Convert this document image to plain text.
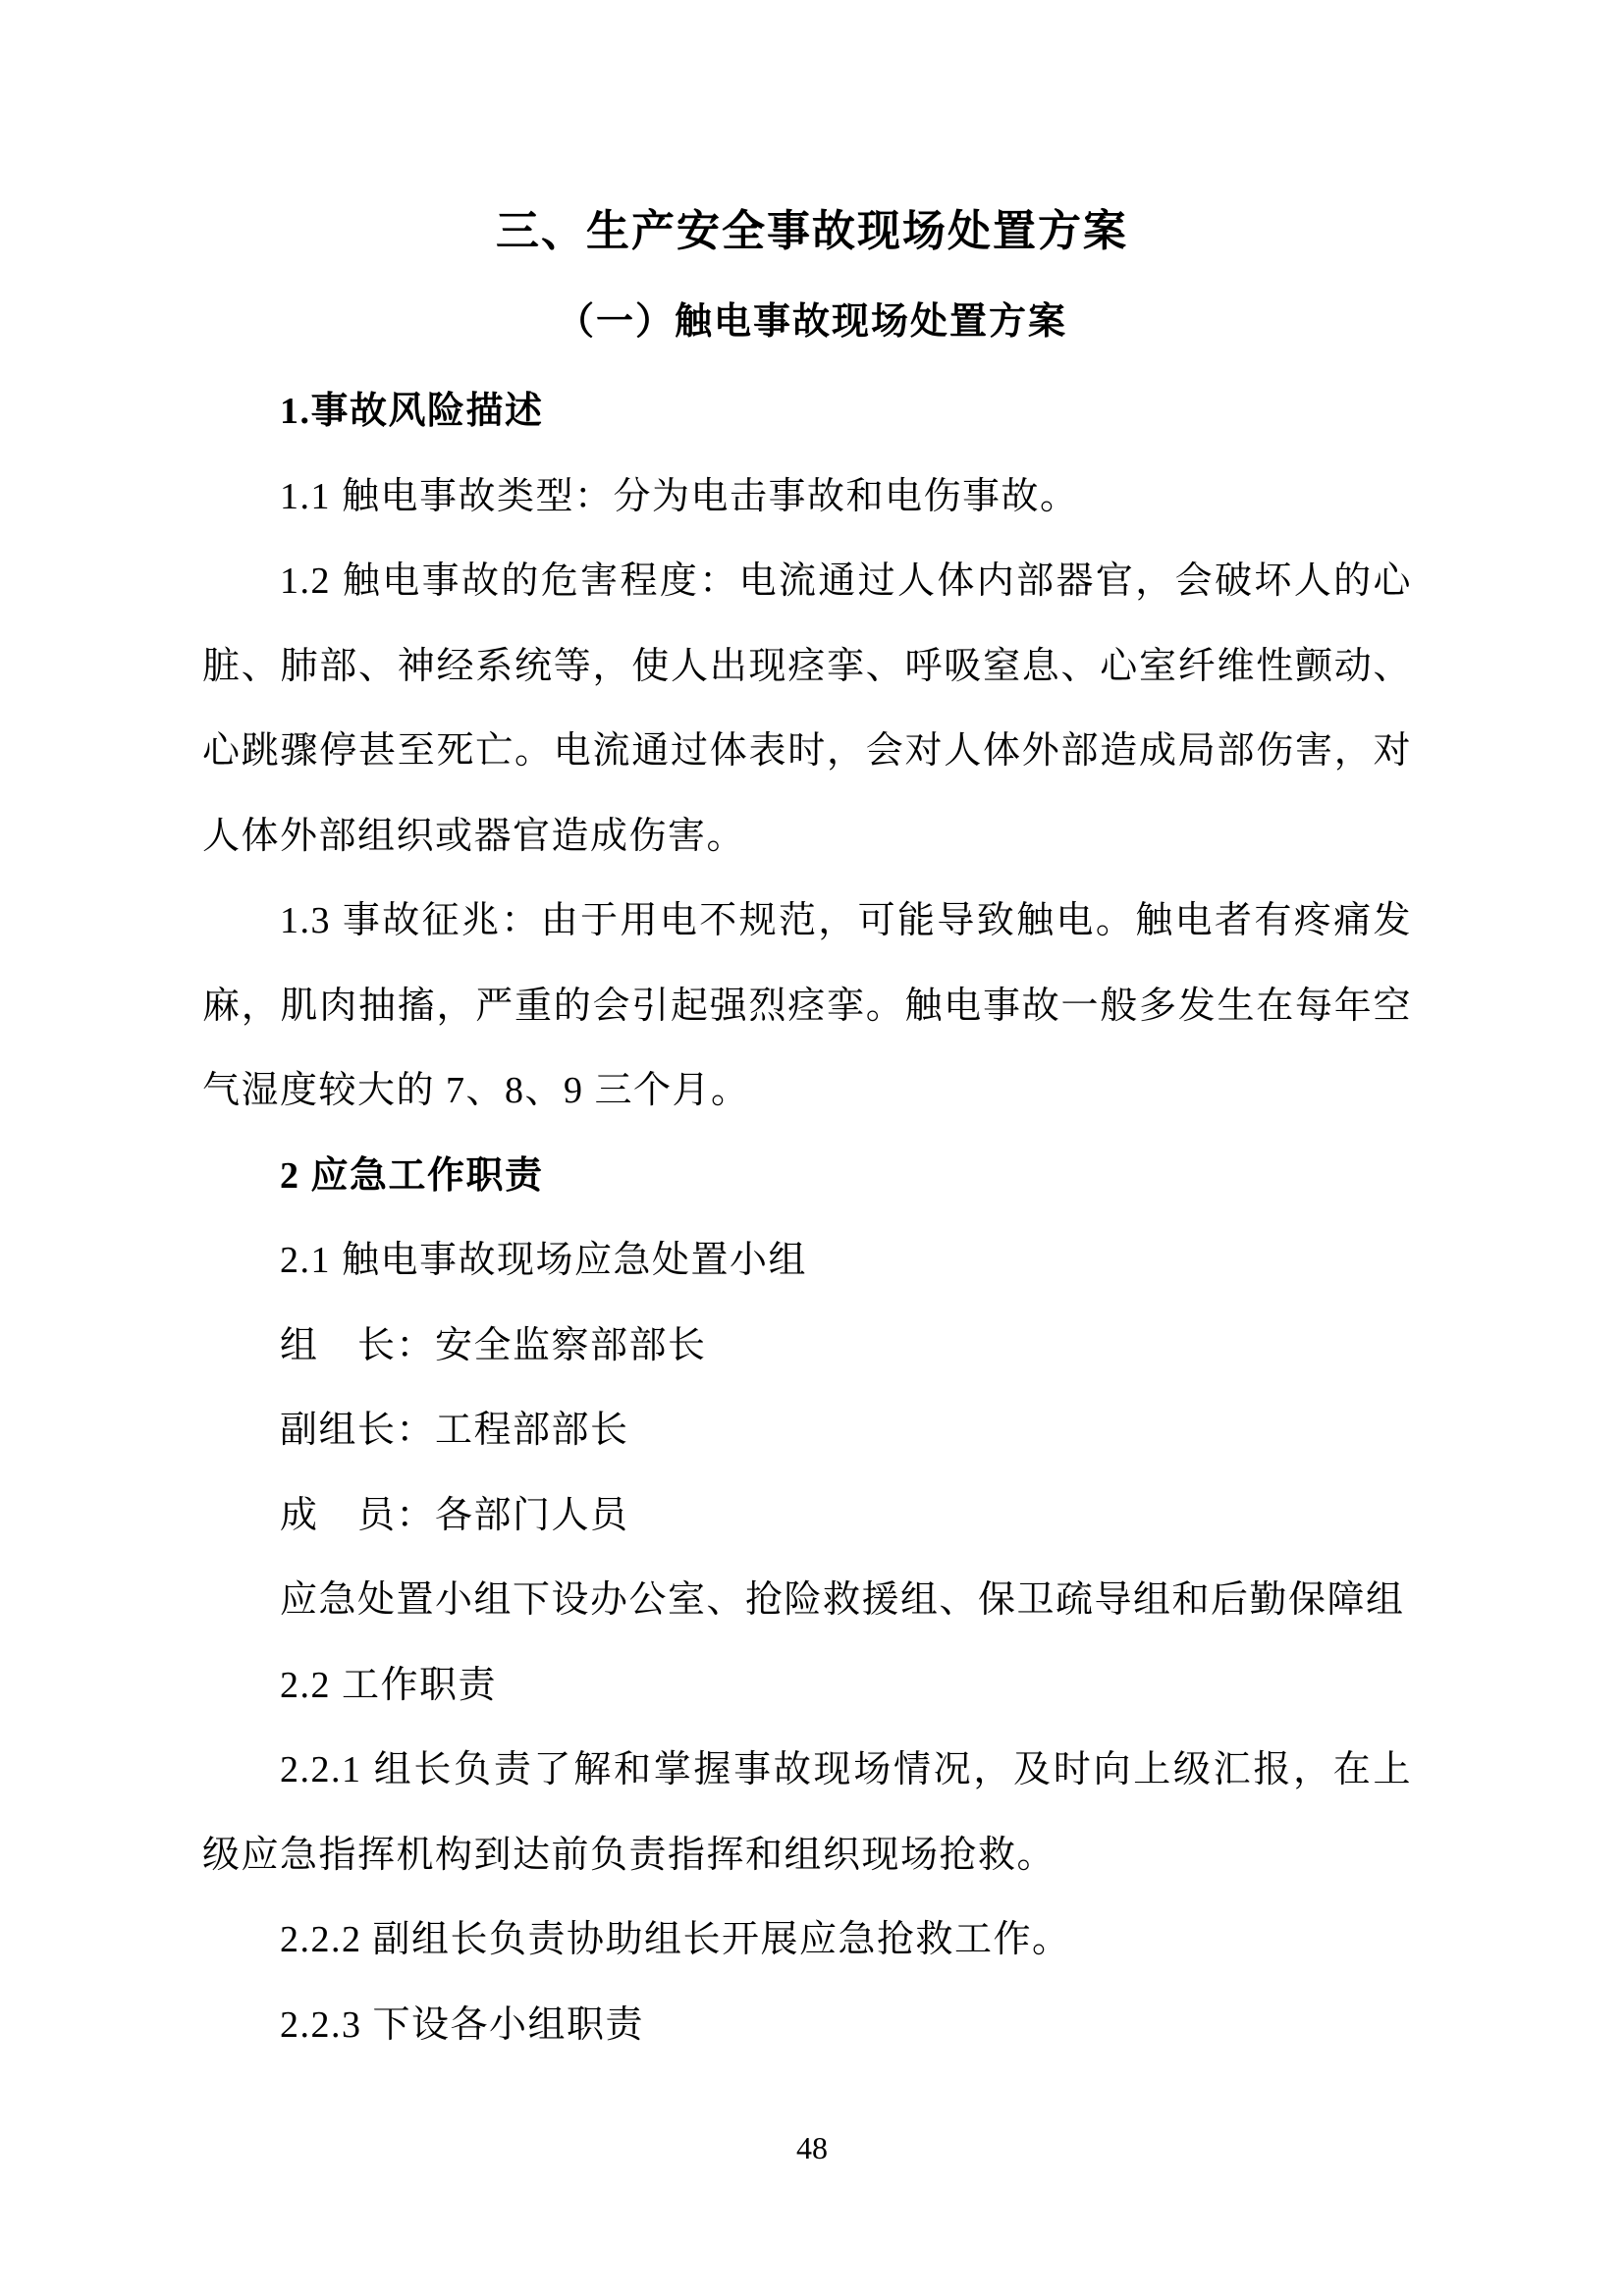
三、生产安全事故现场处置方案
（一）触电事故现场处置方案

1.事故风险描述

1.1 触电事故类型：分为电击事故和电伤事故。

1.2 触电事故的危害程度：电流通过人体内部器官，会破坏人的心脏、肺部、神经系统等，使人出现痉挛、呼吸窒息、心室纤维性颤动、心跳骤停甚至死亡。电流通过体表时，会对人体外部造成局部伤害，对人体外部组织或器官造成伤害。

1.3 事故征兆：由于用电不规范，可能导致触电。触电者有疼痛发麻，肌肉抽搐，严重的会引起强烈痉挛。触电事故一般多发生在每年空气湿度较大的 7、8、9 三个月。

2 应急工作职责

2.1 触电事故现场应急处置小组

组　长：安全监察部部长

副组长：工程部部长

成　员：各部门人员

应急处置小组下设办公室、抢险救援组、保卫疏导组和后勤保障组

2.2 工作职责

2.2.1 组长负责了解和掌握事故现场情况，及时向上级汇报，在上级应急指挥机构到达前负责指挥和组织现场抢救。

2.2.2 副组长负责协助组长开展应急抢救工作。

2.2.3 下设各小组职责

48
